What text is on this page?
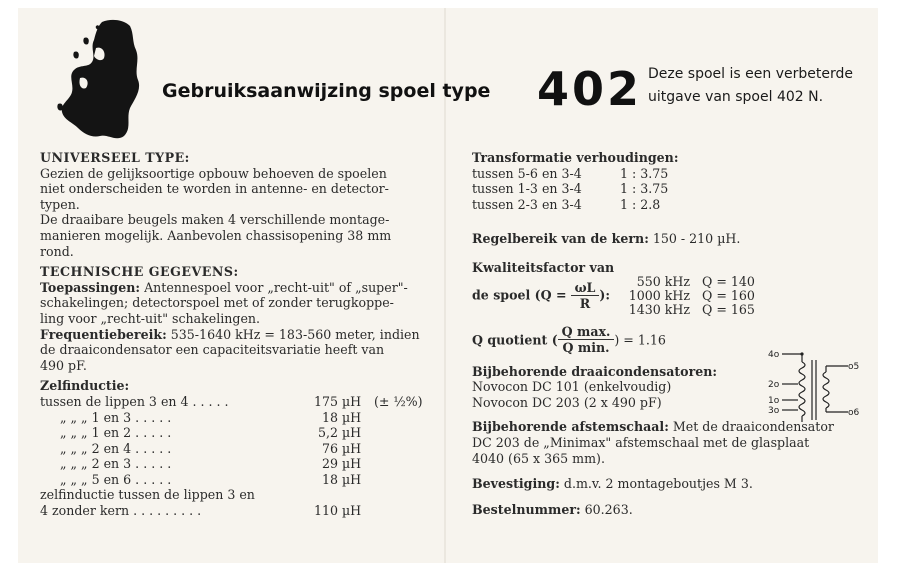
Gebruiksaanwijzing spoel type 402 Deze spoel is een verbeterde
uitgave van spoel 402 N.
UNIVERSEEL TYPE:
Gezien de gelijksoortige opbouw behoeven de spoelen
niet onderscheiden te worden in antenne- en detector-
typen.
De draaibare beugels maken 4 verschillende montage-
manieren mogelijk. Aanbevolen chassisopening 38 mm
rond.
TECHNISCHE GEGEVENS:
Toepassingen: Antennespoel voor „recht-uit" of „super"-
schakelingen; detectorspoel met of zonder terugkoppe-
ling voor „recht-uit" schakelingen.
Frequentiebereik: 535-1640 kHz = 183-560 meter, indien
de draaicondensator een capaciteitsvariatie heeft van
490 pF.
Zelfinductie:
tussen de lippen 3 en 4 . . . . .	175 µH (± ½%)
„ „ „ 1 en 3 . . . . .	18 µH
„ „ „ 1 en 2 . . . . .	5,2 µH
„ „ „ 2 en 4 . . . . .	76 µH
„ „ „ 2 en 3 . . . . .	29 µH
„ „ „ 5 en 6 . . . . .	18 µH
zelfinductie tussen de lippen 3 en
4 zonder kern . . . . . . . . .	110 µH
Transformatie verhoudingen:
tussen 5-6 en 3-4	1 : 3.75
tussen 1-3 en 3-4	1 : 3.75
tussen 2-3 en 3-4	1 : 2.8
Regelbereik van de kern: 150 - 210 µH.
Kwaliteitsfactor van
de spoel ($Q = \frac{\omega L}{R}$ ):
550 kHz Q = 140
1000 kHz Q = 160
1430 kHz Q = 165
Q quotient ( $\frac{\text{Q max.}}{\text{Q min.}}$ ) = 1.16
Bijbehorende draaicondensatoren:
Novocon DC 101 (enkelvoudig)
Novocon DC 203 (2 x 490 pF)
Bijbehorende afstemschaal: Met de draaicondensator
DC 203 de „Minimax" afstemschaal met de glasplaat
4040 (65 x 365 mm).
Bevestiging: d.m.v. 2 montageboutjes M 3.
Bestelnummer: 60.263.
4o
2o
1o
3o
o5
o6
